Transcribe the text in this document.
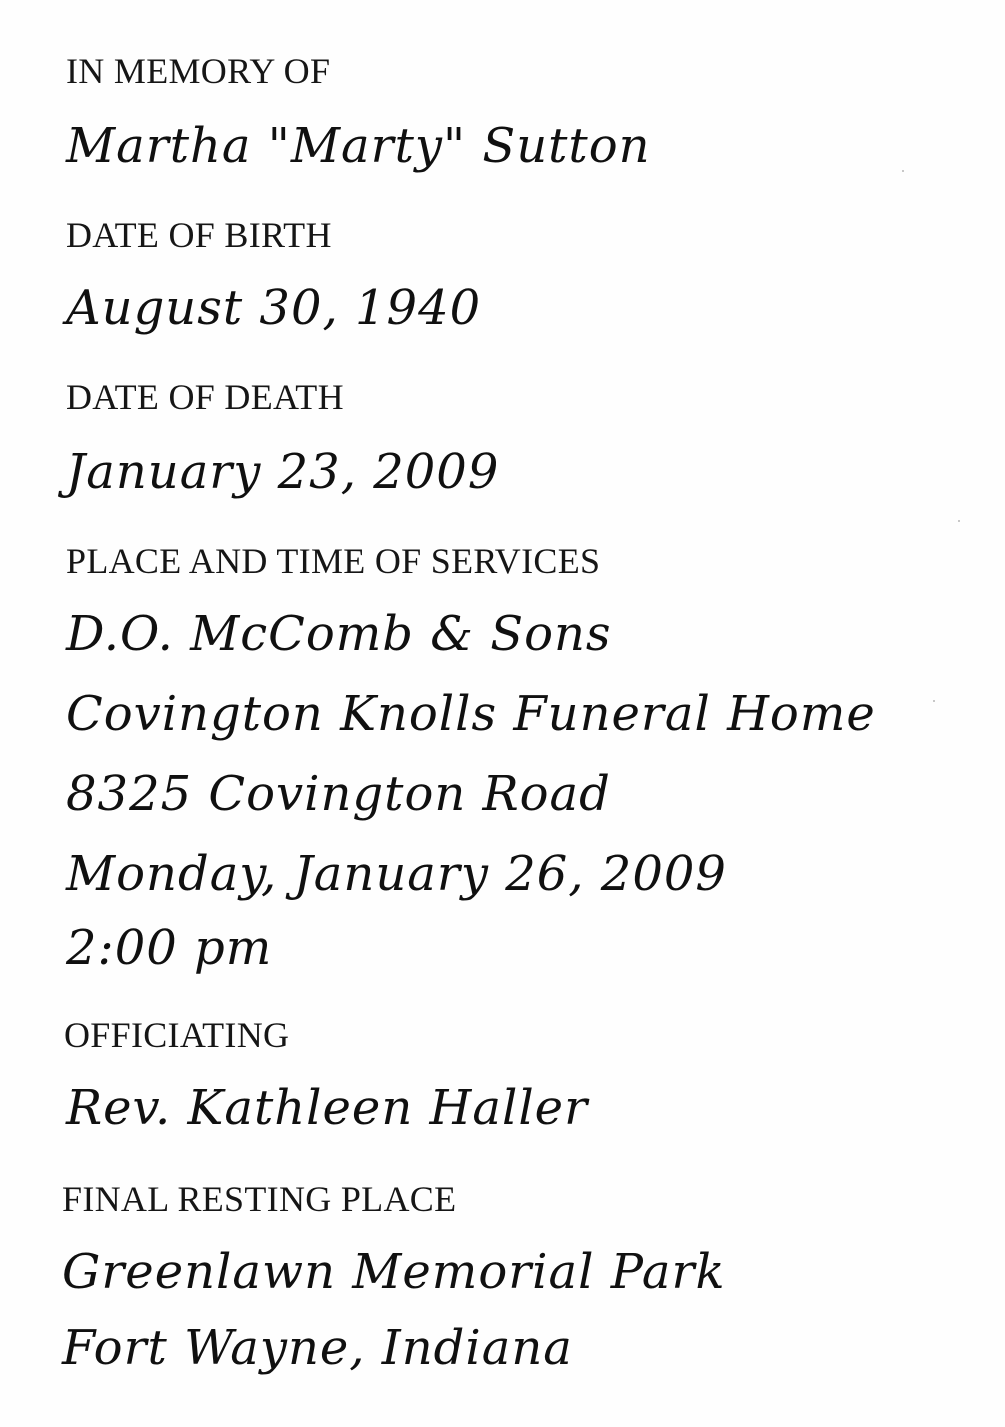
IN MEMORY OF
Martha "Marty" Sutton
DATE OF BIRTH
August 30, 1940
DATE OF DEATH
January 23, 2009
PLACE AND TIME OF SERVICES
D.O. McComb & Sons
Covington Knolls Funeral Home
8325 Covington Road
Monday, January 26, 2009
2:00 pm
OFFICIATING
Rev. Kathleen Haller
FINAL RESTING PLACE
Greenlawn Memorial Park
Fort Wayne, Indiana
